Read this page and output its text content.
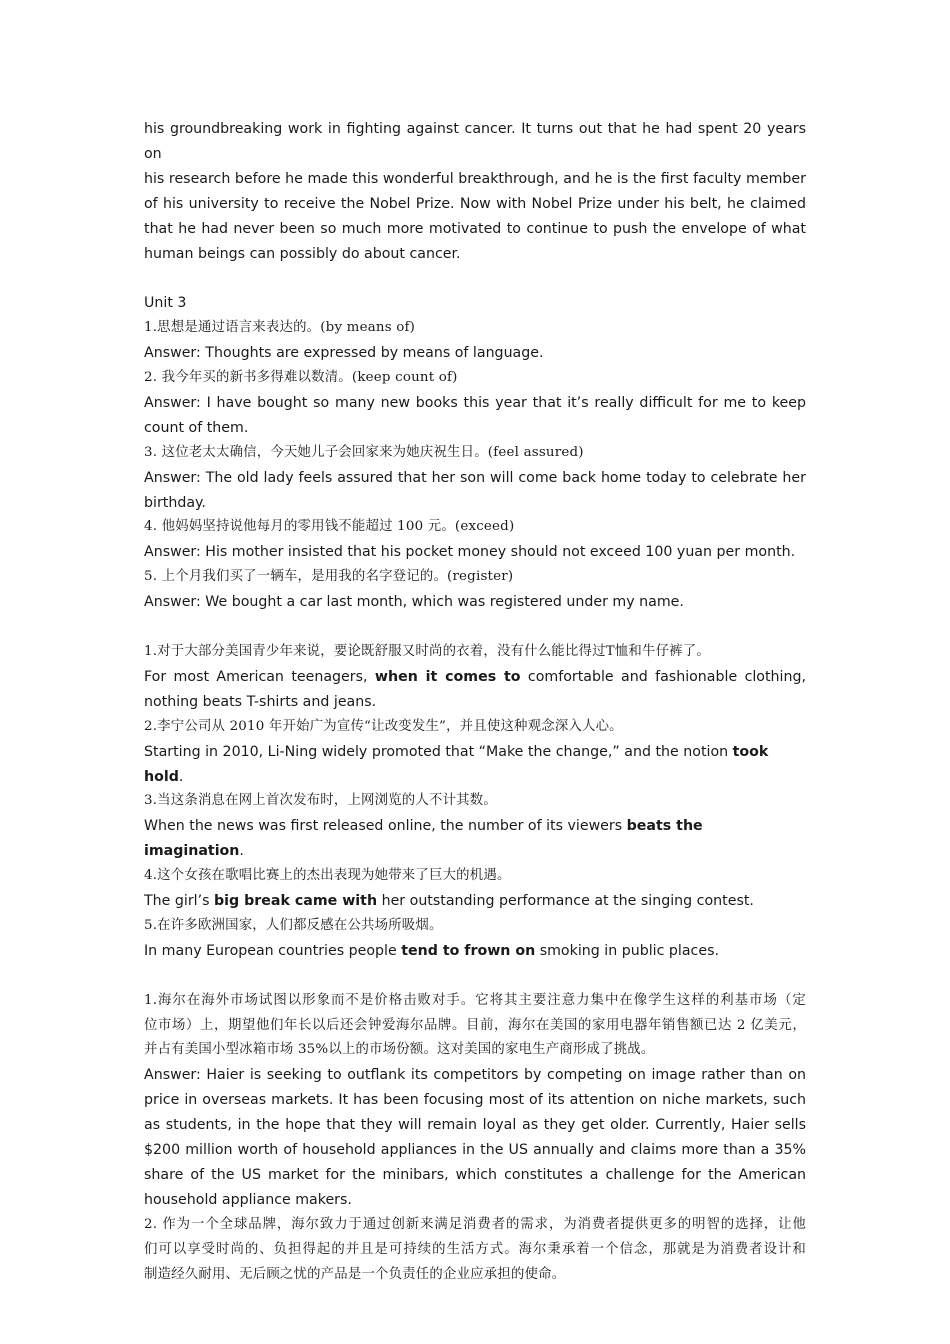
his groundbreaking work in fighting against cancer. It turns out that he had spent 20 years on

his research before he made this wonderful breakthrough, and he is the first faculty member

of his university to receive the Nobel Prize. Now with Nobel Prize under his belt, he claimed

that he had never been so much more motivated to continue to push the envelope of what

human beings can possibly do about cancer.

Unit 3

1.思想是通过语言来表达的。(by means of)

Answer: Thoughts are expressed by means of language.

2. 我今年买的新书多得难以数清。(keep count of)

Answer: I have bought so many new books this year that it’s really difficult for me to keep

count of them.

3. 这位老太太确信，今天她儿子会回家来为她庆祝生日。(feel assured)

Answer: The old lady feels assured that her son will come back home today to celebrate her

birthday.

4. 他妈妈坚持说他每月的零用钱不能超过 100 元。(exceed)

Answer: His mother insisted that his pocket money should not exceed 100 yuan per month.

5. 上个月我们买了一辆车，是用我的名字登记的。(register)

Answer: We bought a car last month, which was registered under my name.

1.对于大部分美国青少年来说，要论既舒服又时尚的衣着，没有什么能比得过T恤和牛仔裤了。

For most American teenagers, when it comes to comfortable and fashionable clothing,

nothing beats T-shirts and jeans.

2.李宁公司从 2010 年开始广为宣传“让改变发生”，并且使这种观念深入人心。

Starting in 2010, Li-Ning widely promoted that “Make the change,” and the notion took hold.

3.当这条消息在网上首次发布时，上网浏览的人不计其数。

When the news was first released online, the number of its viewers beats the imagination.

4.这个女孩在歌唱比赛上的杰出表现为她带来了巨大的机遇。

The girl’s big break came with her outstanding performance at the singing contest.

5.在许多欧洲国家，人们都反感在公共场所吸烟。

In many European countries people tend to frown on smoking in public places.

1.海尔在海外市场试图以形象而不是价格击败对手。它将其主要注意力集中在像学生这样的利基市场（定

位市场）上，期望他们年长以后还会钟爱海尔品牌。目前，海尔在美国的家用电器年销售额已达 2 亿美元，

并占有美国小型冰箱市场 35%以上的市场份额。这对美国的家电生产商形成了挑战。

Answer: Haier is seeking to outflank its competitors by competing on image rather than on

price in overseas markets. It has been focusing most of its attention on niche markets, such

as students, in the hope that they will remain loyal as they get older. Currently, Haier sells

$200 million worth of household appliances in the US annually and claims more than a 35%

share of the US market for the minibars, which constitutes a challenge for the American

household appliance makers.

2. 作为一个全球品牌，海尔致力于通过创新来满足消费者的需求，为消费者提供更多的明智的选择，让他

们可以享受时尚的、负担得起的并且是可持续的生活方式。海尔秉承着一个信念，那就是为消费者设计和

制造经久耐用、无后顾之忧的产品是一个负责任的企业应承担的使命。
